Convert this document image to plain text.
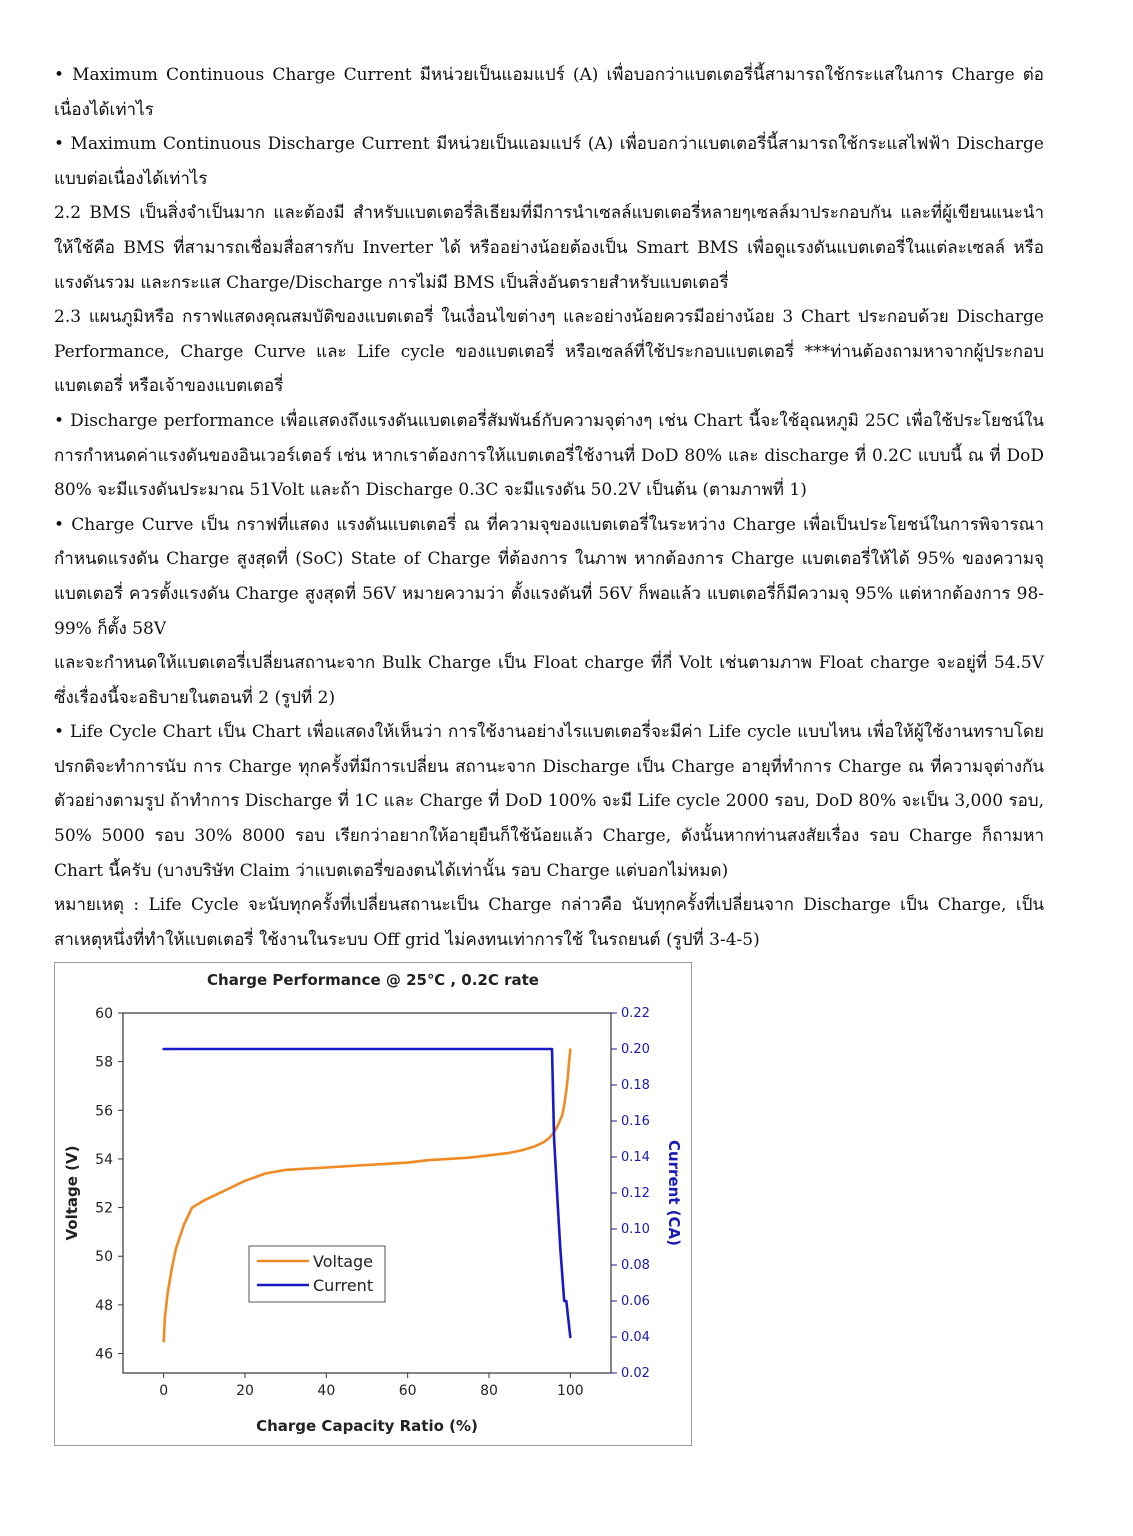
• Maximum Continuous Charge Current มีหน่วยเป็นแอมแปร์ (A) เพื่อบอกว่าแบตเตอรี่นี้สามารถใช้กระแสในการ Charge ต่อเนื่องได้เท่าไร

• Maximum Continuous Discharge Current มีหน่วยเป็นแอมแปร์ (A) เพื่อบอกว่าแบตเตอรี่นี้สามารถใช้กระแสไฟฟ้า Discharge แบบต่อเนื่องได้เท่าไร

2.2 BMS เป็นสิ่งจำเป็นมาก และต้องมี สำหรับแบตเตอรี่ลิเธียมที่มีการนำเซลล์แบตเตอรี่หลายๆเซลล์มาประกอบกัน และที่ผู้เขียนแนะนำให้ใช้คือ BMS ที่สามารถเชื่อมสื่อสารกับ Inverter ได้ หรืออย่างน้อยต้องเป็น Smart BMS เพื่อดูแรงดันแบตเตอรี่ในแต่ละเซลล์ หรือ แรงดันรวม และกระแส Charge/Discharge การไม่มี BMS เป็นสิ่งอันตรายสำหรับแบตเตอรี่

2.3 แผนภูมิหรือ กราฟแสดงคุณสมบัติของแบตเตอรี่ ในเงื่อนไขต่างๆ และอย่างน้อยควรมีอย่างน้อย 3 Chart ประกอบด้วย Discharge Performance, Charge Curve และ Life cycle ของแบตเตอรี่ หรือเซลล์ที่ใช้ประกอบแบตเตอรี่ ***ท่านต้องถามหาจากผู้ประกอบแบตเตอรี่ หรือเจ้าของแบตเตอรี่

• Discharge performance เพื่อแสดงถึงแรงดันแบตเตอรี่สัมพันธ์กับความจุต่างๆ เช่น Chart นี้จะใช้อุณหภูมิ 25C เพื่อใช้ประโยชน์ในการกำหนดค่าแรงดันของอินเวอร์เตอร์ เช่น หากเราต้องการให้แบตเตอรี่ใช้งานที่ DoD 80% และ discharge ที่ 0.2C แบบนี้ ณ ที่ DoD 80% จะมีแรงดันประมาณ 51Volt และถ้า Discharge 0.3C จะมีแรงดัน 50.2V เป็นต้น (ตามภาพที่ 1)

• Charge Curve เป็น กราฟที่แสดง แรงดันแบตเตอรี่ ณ ที่ความจุของแบตเตอรี่ในระหว่าง Charge เพื่อเป็นประโยชน์ในการพิจารณากำหนดแรงดัน Charge สูงสุดที่ (SoC) State of Charge ที่ต้องการ ในภาพ หากต้องการ Charge แบตเตอรี่ให้ได้ 95% ของความจุแบตเตอรี่ ควรตั้งแรงดัน Charge สูงสุดที่ 56V หมายความว่า ตั้งแรงดันที่ 56V ก็พอแล้ว แบตเตอรี่ก็มีความจุ 95% แต่หากต้องการ 98-99% ก็ตั้ง 58V

และจะกำหนดให้แบตเตอรี่เปลี่ยนสถานะจาก Bulk Charge เป็น Float charge ที่กี่ Volt เช่นตามภาพ Float charge จะอยู่ที่ 54.5V ซึ่งเรื่องนี้จะอธิบายในตอนที่ 2 (รูปที่ 2)

• Life Cycle Chart เป็น Chart เพื่อแสดงให้เห็นว่า การใช้งานอย่างไรแบตเตอรี่จะมีค่า Life cycle แบบไหน เพื่อให้ผู้ใช้งานทราบโดยปรกติจะทำการนับ การ Charge ทุกครั้งที่มีการเปลี่ยน สถานะจาก Discharge เป็น Charge อายุที่ทำการ Charge ณ ที่ความจุต่างกัน ตัวอย่างตามรูป ถ้าทำการ Discharge ที่ 1C และ Charge ที่ DoD 100% จะมี Life cycle 2000 รอบ, DoD 80% จะเป็น 3,000 รอบ, 50% 5000 รอบ 30% 8000 รอบ เรียกว่าอยากให้อายุยืนก็ใช้น้อยแล้ว Charge, ดังนั้นหากท่านสงสัยเรื่อง รอบ Charge ก็ถามหา Chart นี้ครับ (บางบริษัท Claim ว่าแบตเตอรี่ของตนได้เท่านั้น รอบ Charge แต่บอกไม่หมด)

หมายเหตุ : Life Cycle จะนับทุกครั้งที่เปลี่ยนสถานะเป็น Charge กล่าวคือ นับทุกครั้งที่เปลี่ยนจาก Discharge เป็น Charge, เป็นสาเหตุหนึ่งที่ทำให้แบตเตอรี่ ใช้งานในระบบ Off grid ไม่คงทนเท่าการใช้ ในรถยนต์ (รูปที่ 3-4-5)

Charge Performance @ 25℃ , 0.2C rate
0	20	40	60	80	100
46
48
50
52
54
56
58
60
0.02
0.04
0.06
0.08
0.10
0.12
0.14
0.16
0.18
0.20
0.22
Charge Capacity Ratio (%)
Voltage (V)	Current (CA)
Voltage
Current
